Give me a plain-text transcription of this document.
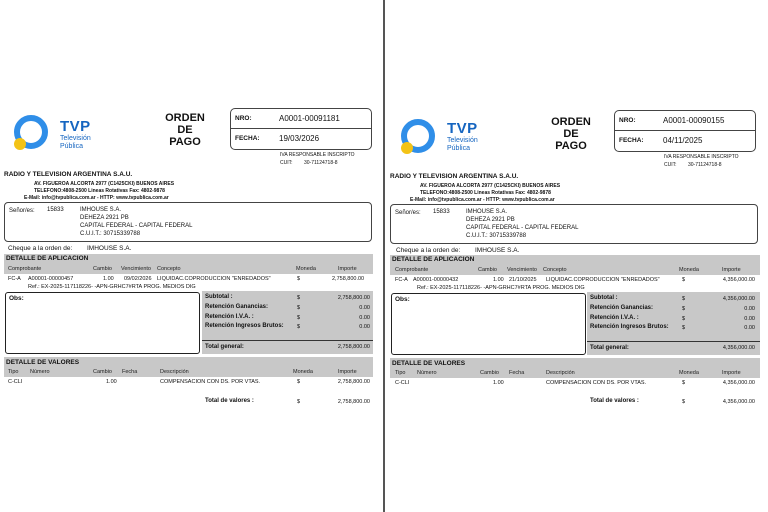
TVP
Televisión
Pública
ORDEN
DE
PAGO
NRO:	A0001-00091181
FECHA: 19/03/2026
IVA RESPONSABLE INSCRIPTO
CUIT: 30-71124718-8
RADIO Y TELEVISION ARGENTINA S.A.U.
AV. FIGUEROA ALCORTA 2977 (C1425CKI) BUENOS AIRES
TELEFONO:4808-2500 Lineas Rotativas Fax: 4802-9878
E-Mail: info@tvpublica.com.ar - HTTP: www.tvpublica.com.ar
Señor/es: 15833	IMHOUSE S.A.
DEHEZA 2921 PB
CAPITAL FEDERAL - CAPITAL FEDERAL
C.U.I.T.: 30715339788
Cheque a la orden de: IMHOUSE S.A.
DETALLE DE APLICACION
Comprobante	Cambio Vencimiento Concepto	Moneda	Importe
FC-A A00001-00000457	1.00 09/02/2026 LIQUIDAC.COPRODUCCION "ENREDADOS"	$	2,758,800.00
Ref.: EX-2025-117118226- -APN-GRHC7#RTA PROG. MEDIOS DIG
Obs:	Subtotal :	$	2,758,800.00
Retención Ganancias:	$	0.00
Retención I.V.A. :	$	0.00
Retención Ingresos Brutos: $	0.00
Total general:	2,758,800.00
DETALLE DE VALORES
Tipo Número	Cambio Fecha	Descripción	Moneda	Importe
C-CLI	1.00	COMPENSACION CON DS. POR VTAS.	$	2,758,800.00
Total de valores :	$	2,758,800.00
TVP
Televisión
Pública
ORDEN
DE
PAGO
NRO:	A0001-00090155
FECHA: 04/11/2025
IVA RESPONSABLE INSCRIPTO
CUIT: 30-71124718-8
RADIO Y TELEVISION ARGENTINA S.A.U.
AV. FIGUEROA ALCORTA 2977 (C1425CKI) BUENOS AIRES
TELEFONO:4808-2500 Lineas Rotativas Fax: 4802-9878
E-Mail: info@tvpublica.com.ar - HTTP: www.tvpublica.com.ar
Señor/es: 15833	IMHOUSE S.A.
DEHEZA 2921 PB
CAPITAL FEDERAL - CAPITAL FEDERAL
C.U.I.T.: 30715339788
Cheque a la orden de: IMHOUSE S.A.
DETALLE DE APLICACION
Comprobante	Cambio Vencimiento Concepto	Moneda	Importe
FC-A A00001-00000432	1.00 21/10/2025 LIQUIDAC.COPRODUCCION "ENREDADOS"	$	4,356,000.00
Ref.: EX-2025-117118226- -APN-GRHC7#RTA PROG. MEDIOS DIG
Obs:	Subtotal :	$	4,356,000.00
Retención Ganancias:	$	0.00
Retención I.V.A. :	$	0.00
Retención Ingresos Brutos: $	0.00
Total general:	4,356,000.00
DETALLE DE VALORES
Tipo Número	Cambio Fecha	Descripción	Moneda	Importe
C-CLI	1.00	COMPENSACION CON DS. POR VTAS.	$	4,356,000.00
Total de valores :	$	4,356,000.00
